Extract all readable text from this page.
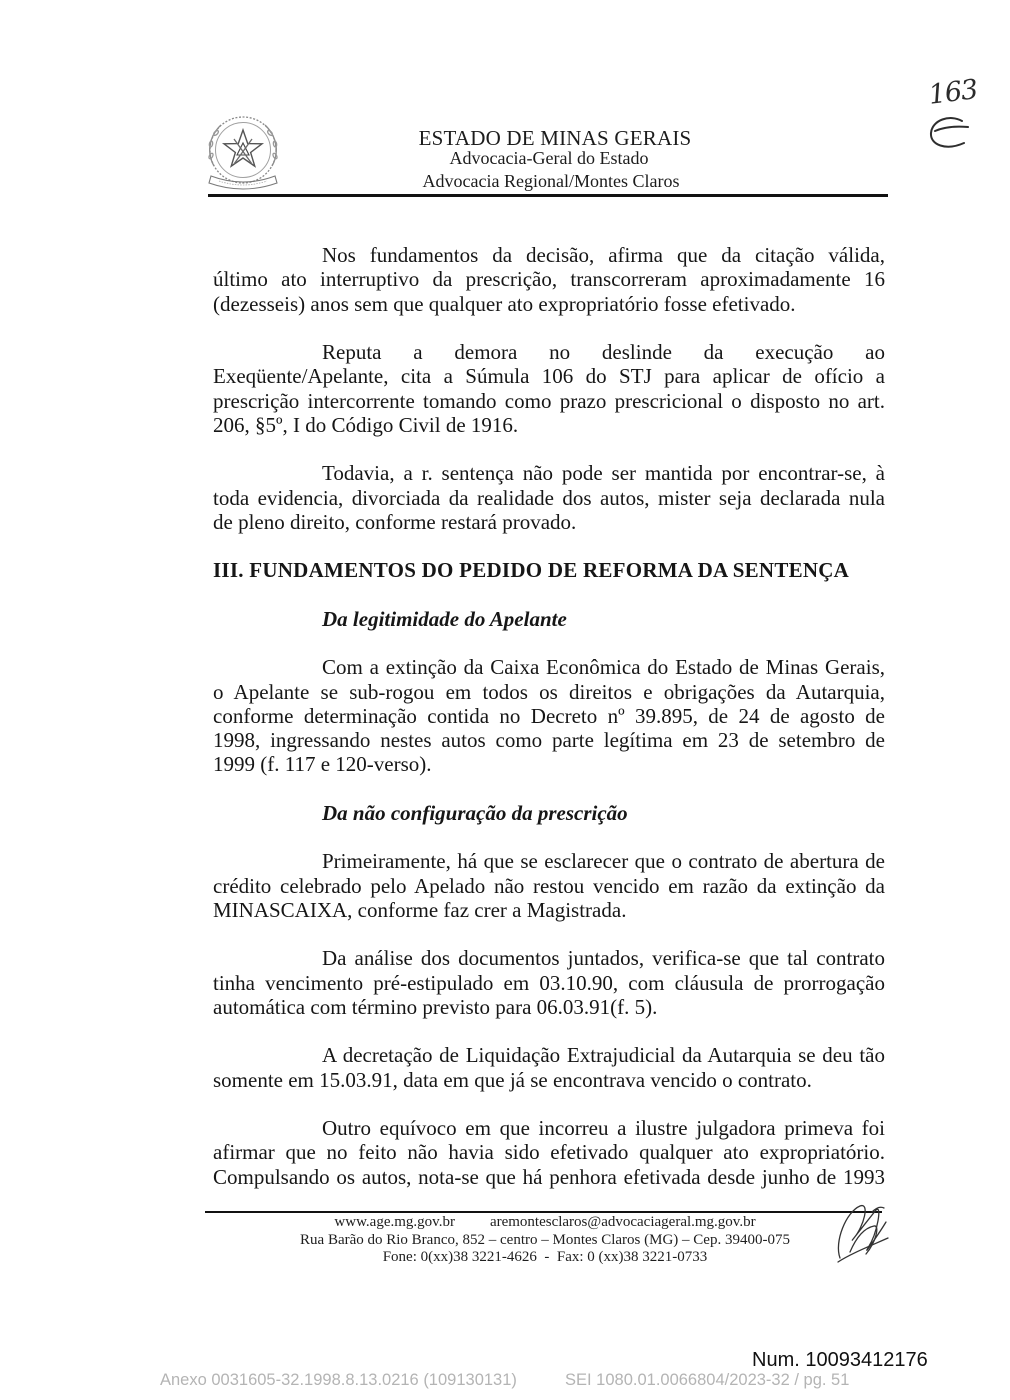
ESTADO DE MINAS GERAIS
Advocacia-Geral do Estado
Advocacia Regional/Montes Claros
163
Nos fundamentos da decisão, afirma que da citação válida,
último ato interruptivo da prescrição, transcorreram aproximadamente 16
(dezesseis) anos sem que qualquer ato expropriatório fosse efetivado.
Reputa a demora no deslinde da execução ao
Exeqüente/Apelante, cita a Súmula 106 do STJ para aplicar de ofício a
prescrição intercorrente tomando como prazo prescricional o disposto no art.
206, §5º, I do Código Civil de 1916.
Todavia, a r. sentença não pode ser mantida por encontrar-se, à
toda evidencia, divorciada da realidade dos autos, mister seja declarada nula
de pleno direito, conforme restará provado.
III. FUNDAMENTOS DO PEDIDO DE REFORMA DA SENTENÇA
Da legitimidade do Apelante
Com a extinção da Caixa Econômica do Estado de Minas Gerais,
o Apelante se sub-rogou em todos os direitos e obrigações da Autarquia,
conforme determinação contida no Decreto nº 39.895, de 24 de agosto de
1998, ingressando nestes autos como parte legítima em 23 de setembro de
1999 (f. 117 e 120-verso).
Da não configuração da prescrição
Primeiramente, há que se esclarecer que o contrato de abertura de
crédito celebrado pelo Apelado não restou vencido em razão da extinção da
MINASCAIXA, conforme faz crer a Magistrada.
Da análise dos documentos juntados, verifica-se que tal contrato
tinha vencimento pré-estipulado em 03.10.90, com cláusula de prorrogação
automática com término previsto para 06.03.91(f. 5).
A decretação de Liquidação Extrajudicial da Autarquia se deu tão
somente em 15.03.91, data em que já se encontrava vencido o contrato.
Outro equívoco em que incorreu a ilustre julgadora primeva foi
afirmar que no feito não havia sido efetivado qualquer ato expropriatório.
Compulsando os autos, nota-se que há penhora efetivada desde junho de 1993
www.age.mg.gov.br aremontesclaros@advocaciageral.mg.gov.br
Rua Barão do Rio Branco, 852 – centro – Montes Claros (MG) – Cep. 39400-075
Fone: 0(xx)38 3221-4626  -  Fax: 0 (xx)38 3221-0733
Num. 10093412176
Anexo 0031605-32.1998.8.13.0216 (109130131)	SEI 1080.01.0066804/2023-32 / pg. 51
